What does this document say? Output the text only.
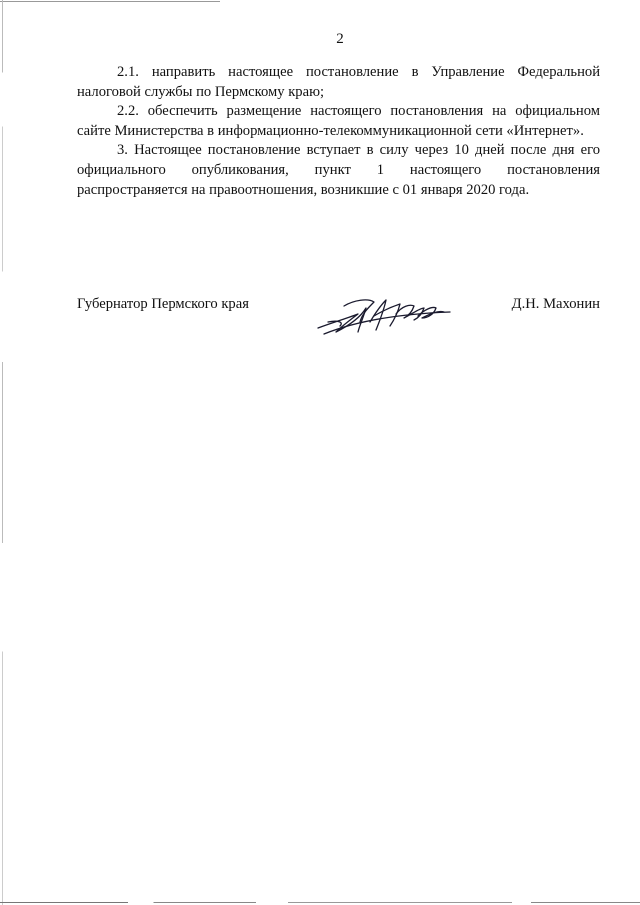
2

2.1. направить настоящее постановление в Управление Федеральной налоговой службы по Пермскому краю;

2.2. обеспечить размещение настоящего постановления на официальном сайте Министерства в информационно-телекоммуникационной сети «Интернет».

3. Настоящее постановление вступает в силу через 10 дней после дня его официального опубликования, пункт 1 настоящего постановления распространяется на правоотношения, возникшие с 01 января 2020 года.

Губернатор Пермского края	Д.Н. Махонин
